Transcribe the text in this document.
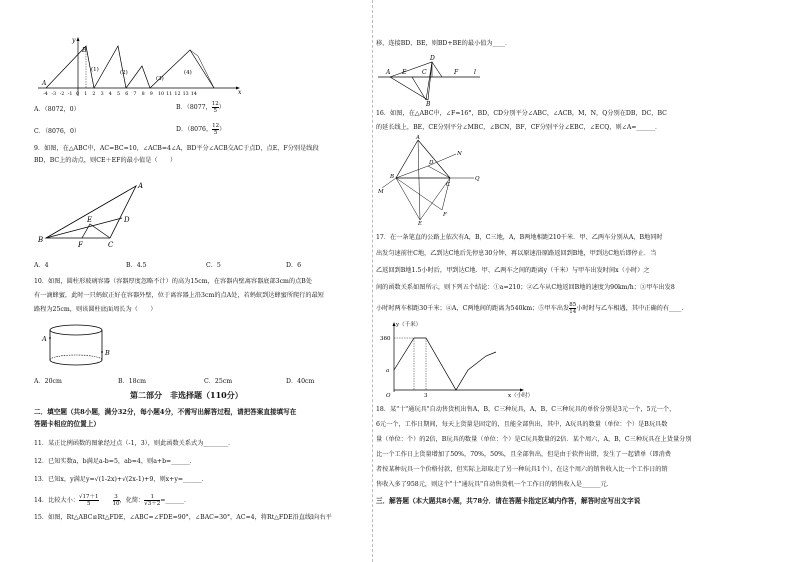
y
x
B
A
(1)	(2)
(3)
(4)
-4 -3 -2 -1 0 1 2 3 4 5 6 7 8 9 10 11 12 13 14
A．（8072，0）	B．（8077， $\frac{12}{5}$ ）
C．（8076，0）	D．（8076， $\frac{12}{5}$ ）
9．如图，在△ABC中，AC=BC=10，∠ACB=4∠A，BD平分∠ACB交AC于点D，点E，F分别是线段
BD，BC上的动点，则CE＋EF的最小值是（　　）
A
B
C
D
E
F
A．4	B．4.5	C．5	D．6
10．如图，圆柱形玻璃容器（容器厚度忽略不计）的高为15cm，在容器内壁离容器底部3cm的点B处
有一滴蜂蜜，此时一只蚂蚁正好在容器外壁，位于离容器上沿3cm的点A处，若蚂蚁到达蜂蜜所爬行的最短
路程为25cm，则该圆柱底面周长为（　　）
A
B
A．20cm	B．18cm	C．25cm	D．40cm
第二部分　非选择题（110分）
二．填空题（共8小题，满分32分，每小题4分，不需写出解答过程，请把答案直接填写在
答题卡相应的位置上）
11．某正比例函数的图象经过点（-1，3），则此函数关系式为________．
12．已知实数a，b满足a-b=5，ab=4，则a+b=______．
13．已知x，y满足y=√(1-2x)+√(2x-1)+9，则x+y=______．
14．比较大小： $\frac{√17+1}{5}$	$\frac{3}{10}$ ，化简： $\frac{1}{√3+2}$ =______．
15．如图，Rt△ABC≌Rt△FDE，∠ABC=∠FDE=90°，∠BAC=30°，AC=4，将Rt△FDE沿直线l向右平
移，连接BD，BE，则BD+BE的最小值为____．
A E	C	F	l
D
B
16．如图，在△ABC中，∠F=16°，BD，CD分别平分∠ABC，∠ACB，M，N，Q分别在DB，DC，BC
的延长线上，BE，CE分别平分∠MBC，∠BCN，BF，CF分别平分∠EBC，∠ECQ，则∠A=______．
A
B
C
D
E
F
M
N
Q
17．在一条笔直的公路上依次有A，B，C三地，A，B两地相距210千米．甲、乙两车分别从A，B地同时
出发匀速前往C地，乙到达C地后先停息30分钟，再以原速沿原路返回到B地，甲到达C地后即停止．当
乙返回到B地1.5小时后，甲到达C地．甲、乙两车之间的距离y（千米）与甲车出发时间x（小时）之
间的函数关系如图所示，则下列五个结论：①a=210；②乙车从C地返回B地的速度为90km/h；③甲车出发8
小时时两车相距30千米；④A，C两地间的距离为540km；⑤甲车出发 $\frac{85}{14}$ 小时时与乙车相遇，其中正确的有____．
y（千米）
360
a
O	3	x（小时）
18．某"十"通玩具"自动售货机出售A，B，C三种玩具，A，B，C三种玩具的单价分别是3元一个，5元一个，
6元一个，工作日期间，每天上货量是固定的，且能全部售出，其中，A玩具的数量（单位：个）是B玩具数
量（单位：个）的2倍，B玩具的数量（单位：个）是C玩具数量的2倍．某个周六，A，B，C三种玩具在上货量分别
比一个工作日上货量增加了50%，70%，50%，且全部售出，但是由于软件出错，发生了一起错单（即消费
者按某种玩具一个价格付款，但实际上却取走了另一种玩具1个），在这个周六的销售收入比一个工作日的销
售收入多了958元，则这个"十"通玩具"自动售货机一个工作日的销售收入是______元．
三．解答题（本大题共8小题，共78分．请在答题卡指定区域内作答，解答时应写出文字说
